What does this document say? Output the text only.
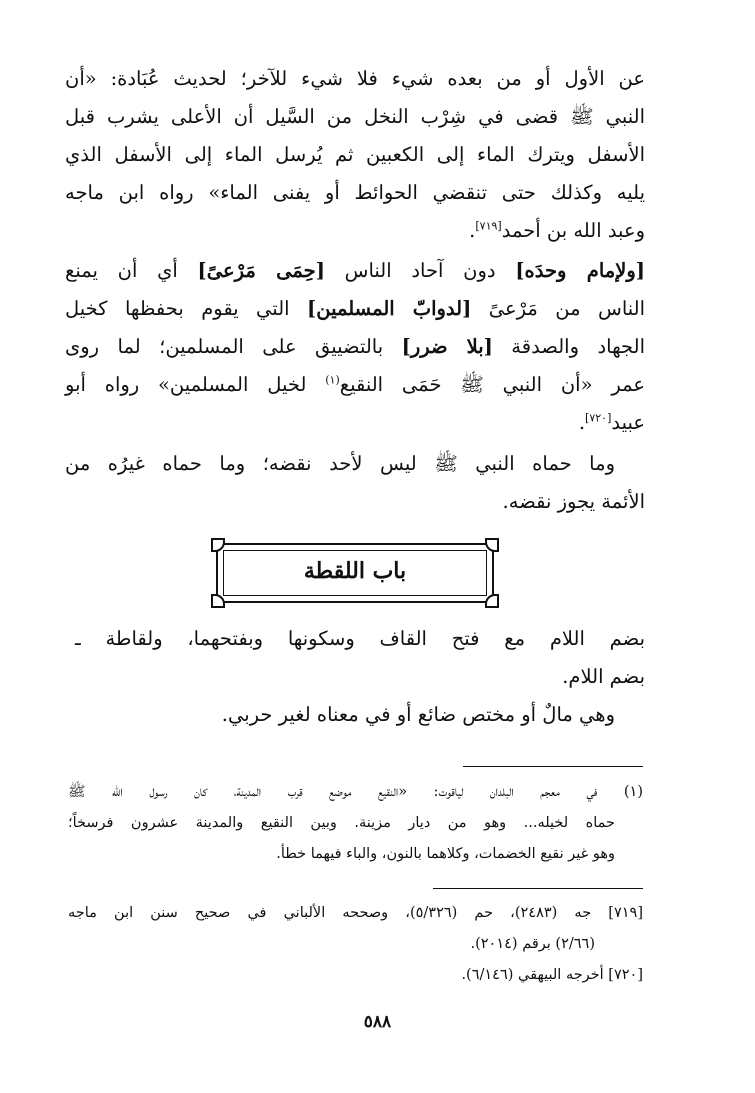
عن الأول أو من بعده شيء فلا شيء للآخر؛ لحديث عُبَادة: «أن
النبي ﷺ قضى في شِرْب النخل من السَّيل أن الأعلى يشرب قبل
الأسفل ويترك الماء إلى الكعبين ثم يُرسل الماء إلى الأسفل الذي
يليه وكذلك حتى تنقضي الحوائط أو يفنى الماء» رواه ابن ماجه
وعبد الله بن أحمد[٧١٩].
[ولإمام وحدَه] دون آحاد الناس [حِمَى مَرْعىً] أي أن يمنع
الناس من مَرْعىً [لدوابّ المسلمين] التي يقوم بحفظها كخيل
الجهاد والصدقة [بلا ضرر] بالتضييق على المسلمين؛ لما روى
عمر «أن النبي ﷺ حَمَى النقيع$^{(١)}$ لخيل المسلمين» رواه أبو
عبيد[٧٢٠].
وما حماه النبي ﷺ ليس لأحد نقضه؛ وما حماه غيرُه من
الأئمة يجوز نقضه.
باب اللقطة
بضم اللام مع فتح القاف وسكونها وبفتحهما، ولقاطة ـ
بضم اللام.
وهي مالٌ أو مختص ضائع أو في معناه لغير حربي.
(١) في معجم البلدان لياقوت: «النقيع موضع قرب المدينة، كان رسول الله ﷺ
حماه لخيله... وهو من ديار مزينة. وبين النقيع والمدينة عشرون فرسخاً؛
وهو غير نقيع الخضمات، وكلاهما بالنون، والباء فيهما خطأ.
[٧١٩] جه (٢٤٨٣)، حم (٥/٣٢٦)، وصححه الألباني في صحيح سنن ابن ماجه
(٢/٦٦) برقم (٢٠١٤).
[٧٢٠] أخرجه البيهقي (٦/١٤٦).
٥٨٨
